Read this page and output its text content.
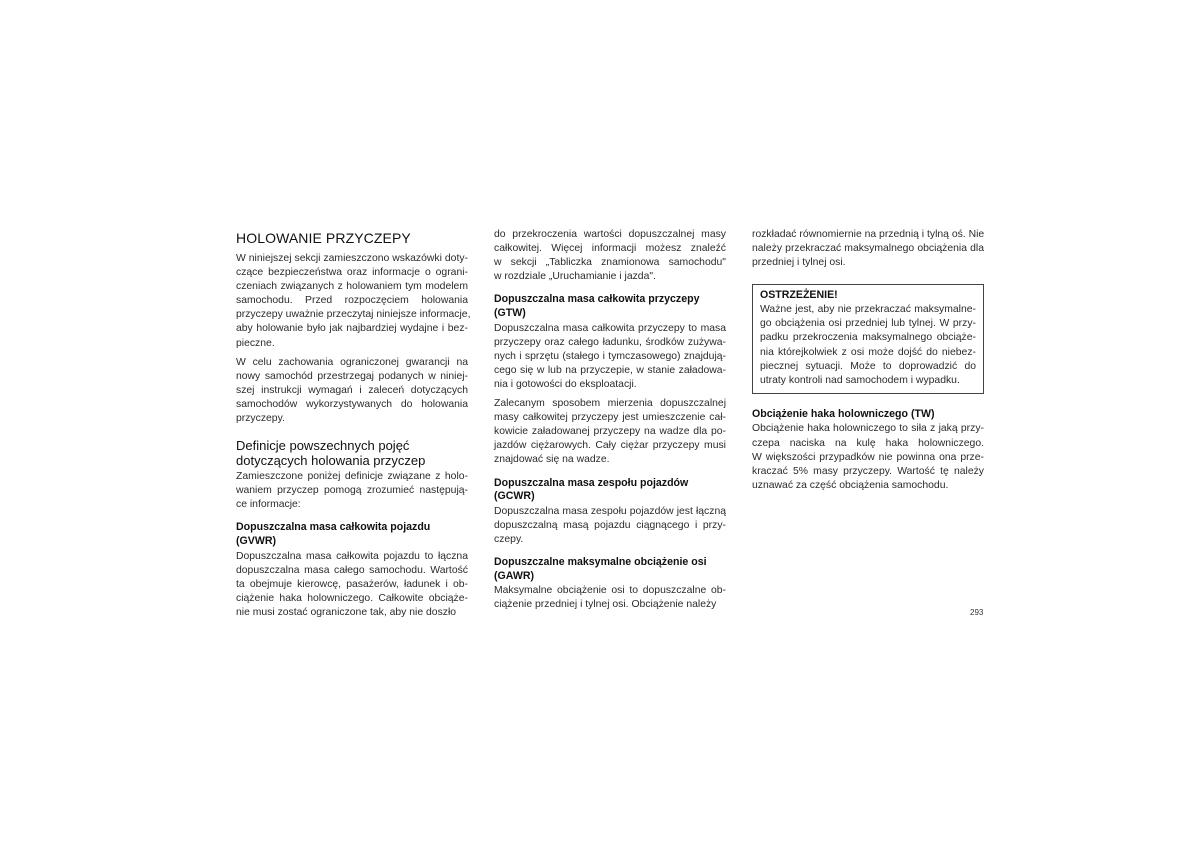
HOLOWANIE PRZYCZEPY
W niniejszej sekcji zamieszczono wskazówki doty-
czące bezpieczeństwa oraz informacje o ograni-
czeniach związanych z holowaniem tym modelem
samochodu. Przed rozpoczęciem holowania
przyczepy uważnie przeczytaj niniejsze informacje,
aby holowanie było jak najbardziej wydajne i bez-
pieczne.
W celu zachowania ograniczonej gwarancji na
nowy samochód przestrzegaj podanych w niniej-
szej instrukcji wymagań i zaleceń dotyczących
samochodów wykorzystywanych do holowania
przyczepy.
Definicje powszechnych pojęć
dotyczących holowania przyczep
Zamieszczone poniżej definicje związane z holo-
waniem przyczep pomogą zrozumieć następują-
ce informacje:
Dopuszczalna masa całkowita pojazdu
(GVWR)
Dopuszczalna masa całkowita pojazdu to łączna
dopuszczalna masa całego samochodu. Wartość
ta obejmuje kierowcę, pasażerów, ładunek i ob-
ciążenie haka holowniczego. Całkowite obciąże-
nie musi zostać ograniczone tak, aby nie doszło
do przekroczenia wartości dopuszczalnej masy
całkowitej. Więcej informacji możesz znaleźć
w sekcji „Tabliczka znamionowa samochodu"
w rozdziale „Uruchamianie i jazda".
Dopuszczalna masa całkowita przyczepy
(GTW)
Dopuszczalna masa całkowita przyczepy to masa
przyczepy oraz całego ładunku, środków zużywa-
nych i sprzętu (stałego i tymczasowego) znajdują-
cego się w lub na przyczepie, w stanie załadowa-
nia i gotowości do eksploatacji.
Zalecanym sposobem mierzenia dopuszczalnej
masy całkowitej przyczepy jest umieszczenie cał-
kowicie załadowanej przyczepy na wadze dla po-
jazdów ciężarowych. Cały ciężar przyczepy musi
znajdować się na wadze.
Dopuszczalna masa zespołu pojazdów
(GCWR)
Dopuszczalna masa zespołu pojazdów jest łączną
dopuszczalną masą pojazdu ciągnącego i przy-
czepy.
Dopuszczalne maksymalne obciążenie osi
(GAWR)
Maksymalne obciążenie osi to dopuszczalne ob-
ciążenie przedniej i tylnej osi. Obciążenie należy
rozkładać równomiernie na przednią i tylną oś. Nie
należy przekraczać maksymalnego obciążenia dla
przedniej i tylnej osi.
OSTRZEŻENIE!
Ważne jest, aby nie przekraczać maksymalne-
go obciążenia osi przedniej lub tylnej. W przy-
padku przekroczenia maksymalnego obciąże-
nia którejkolwiek z osi może dojść do niebez-
piecznej sytuacji. Może to doprowadzić do
utraty kontroli nad samochodem i wypadku.
Obciążenie haka holowniczego (TW)
Obciążenie haka holowniczego to siła z jaką przy-
czepa naciska na kulę haka holowniczego.
W większości przypadków nie powinna ona prze-
kraczać 5% masy przyczepy. Wartość tę należy
uznawać za część obciążenia samochodu.
293
